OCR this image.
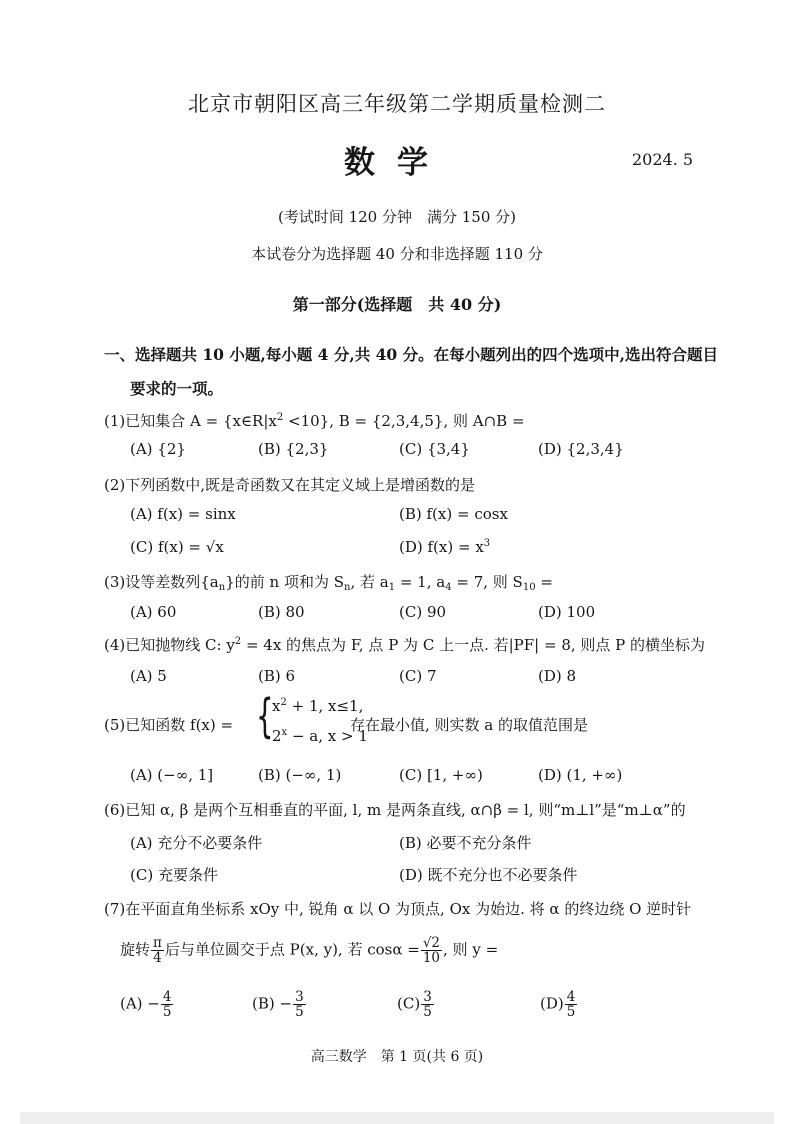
北京市朝阳区高三年级第二学期质量检测二
数学	2024. 5
(考试时间 120 分钟　满分 150 分)
本试卷分为选择题 40 分和非选择题 110 分
第一部分(选择题　共 40 分)
一、选择题共 10 小题,每小题 4 分,共 40 分。在每小题列出的四个选项中,选出符合题目
要求的一项。
(1)已知集合 $A = \{x\in R|x^2 <10\}$, B = {2,3,4,5}, 则 A∩B =
(A) {2}	(B) {2,3}	(C) {3,4}	(D) {2,3,4}
(2)下列函数中,既是奇函数又在其定义域上是增函数的是
(A) f(x) = sinx	(B) f(x) = cosx
(C) f(x) = √x	(D) $f(x) = x^3$
(3)设等差数列$\{a_n\}$的前 n 项和为 $S_n$, 若 $a_1 = 1$, $a_4 = 7$, 则 $S_{10}$ =
(A) 60	(B) 80	(C) 90	(D) 100
(4)已知抛物线 C: $y^2 = 4x$ 的焦点为 F, 点 P 为 C 上一点. 若|PF| = 8, 则点 P 的横坐标为
(A) 5	(B) 6	(C) 7	(D) 8
(5)已知函数 f(x) = {
$x^2 + 1$, x≤1,
$2^x - a$, x > 1
存在最小值, 则实数 a 的取值范围是
(A) (−∞, 1]	(B) (−∞, 1)	(C) [1, +∞)	(D) (1, +∞)
(6)已知 α, β 是两个互相垂直的平面, l, m 是两条直线, α∩β = l, 则“m⊥l”是“m⊥α”的
(A) 充分不必要条件	(B) 必要不充分条件
(C) 充要条件	(D) 既不充分也不必要条件
(7)在平面直角坐标系 xOy 中, 锐角 α 以 O 为顶点, Ox 为始边. 将 α 的终边绕 O 逆时针
旋转 $\frac{\pi}{4}$ 后与单位圆交于点 P(x, y), 若 $\cos\alpha = \frac{√2}{10}$ , 则 y =
$(A) - \frac{4}{5}$	$(B) - \frac{3}{5}$	$(C) \frac{3}{5}$	$(D) \frac{4}{5}$
高三数学　第 1 页(共 6 页)
